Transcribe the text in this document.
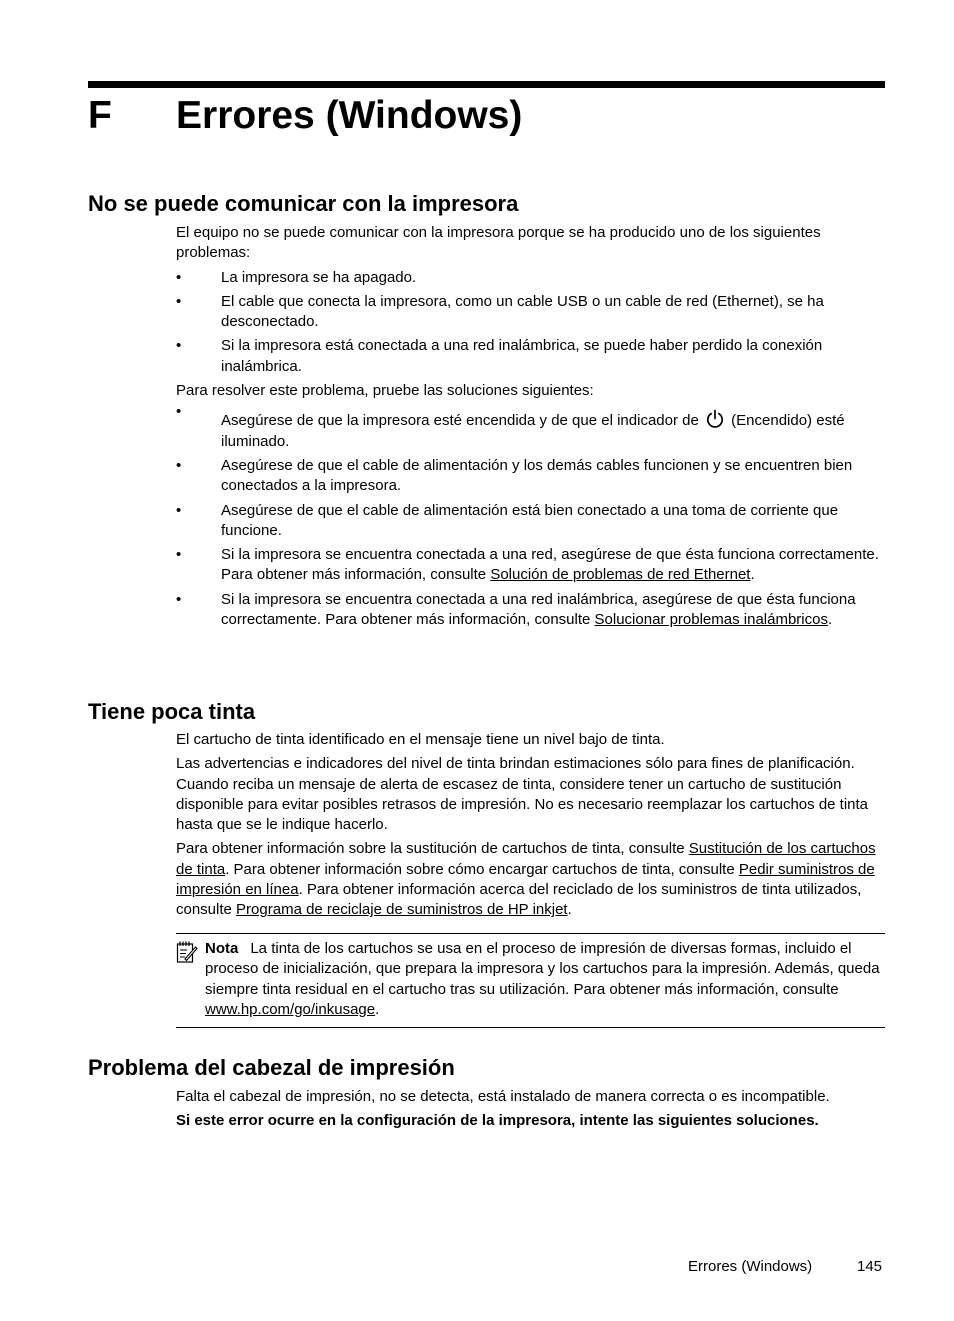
F Errores (Windows)
No se puede comunicar con la impresora

El equipo no se puede comunicar con la impresora porque se ha producido uno de los siguientes problemas:

•	La impresora se ha apagado.
•	El cable que conecta la impresora, como un cable USB o un cable de red (Ethernet), se ha desconectado.
•	Si la impresora está conectada a una red inalámbrica, se puede haber perdido la conexión inalámbrica.

Para resolver este problema, pruebe las soluciones siguientes:

•
Asegúrese de que la impresora esté encendida y de que el indicador de (Encendido) esté iluminado.
•	Asegúrese de que el cable de alimentación y los demás cables funcionen y se encuentren bien conectados a la impresora.
•	Asegúrese de que el cable de alimentación está bien conectado a una toma de corriente que funcione.
•	Si la impresora se encuentra conectada a una red, asegúrese de que ésta funciona correctamente. Para obtener más información, consulte Solución de problemas de red Ethernet.
•	Si la impresora se encuentra conectada a una red inalámbrica, asegúrese de que ésta funciona correctamente. Para obtener más información, consulte Solucionar problemas inalámbricos.
Tiene poca tinta

El cartucho de tinta identificado en el mensaje tiene un nivel bajo de tinta.

Las advertencias e indicadores del nivel de tinta brindan estimaciones sólo para fines de planificación. Cuando reciba un mensaje de alerta de escasez de tinta, considere tener un cartucho de sustitución disponible para evitar posibles retrasos de impresión. No es necesario reemplazar los cartuchos de tinta hasta que se le indique hacerlo.

Para obtener información sobre la sustitución de cartuchos de tinta, consulte Sustitución de los cartuchos de tinta. Para obtener información sobre cómo encargar cartuchos de tinta, consulte Pedir suministros de impresión en línea. Para obtener información acerca del reciclado de los suministros de tinta utilizados, consulte Programa de reciclaje de suministros de HP inkjet.

Nota La tinta de los cartuchos se usa en el proceso de impresión de diversas formas, incluido el proceso de inicialización, que prepara la impresora y los cartuchos para la impresión. Además, queda siempre tinta residual en el cartucho tras su utilización. Para obtener más información, consulte www.hp.com/go/inkusage.
Problema del cabezal de impresión

Falta el cabezal de impresión, no se detecta, está instalado de manera correcta o es incompatible.

Si este error ocurre en la configuración de la impresora, intente las siguientes soluciones.

Errores (Windows)	145
